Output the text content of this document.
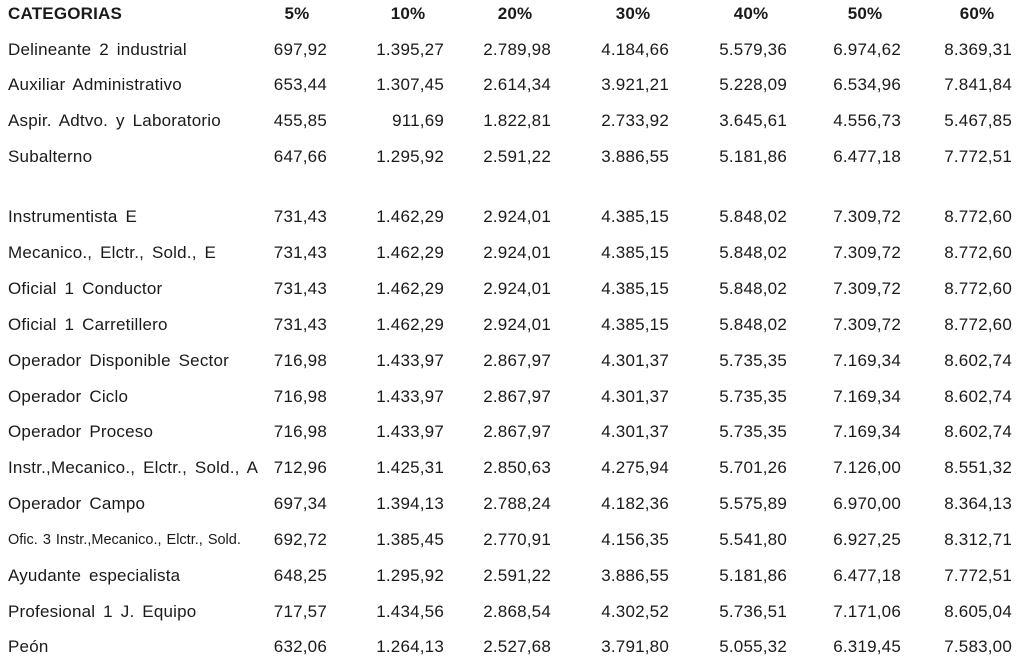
CATEGORIAS	5%	10%	20%	30%	40%	50%	60%
Delineante 2 industrial	697,92	1.395,27	2.789,98	4.184,66	5.579,36	6.974,62	8.369,31
Auxiliar Administrativo	653,44	1.307,45	2.614,34	3.921,21	5.228,09	6.534,96	7.841,84
Aspir. Adtvo. y Laboratorio	455,85	911,69	1.822,81	2.733,92	3.645,61	4.556,73	5.467,85
Subalterno	647,66	1.295,92	2.591,22	3.886,55	5.181,86	6.477,18	7.772,51
Instrumentista E	731,43	1.462,29	2.924,01	4.385,15	5.848,02	7.309,72	8.772,60
Mecanico., Elctr., Sold., E	731,43	1.462,29	2.924,01	4.385,15	5.848,02	7.309,72	8.772,60
Oficial 1 Conductor	731,43	1.462,29	2.924,01	4.385,15	5.848,02	7.309,72	8.772,60
Oficial 1 Carretillero	731,43	1.462,29	2.924,01	4.385,15	5.848,02	7.309,72	8.772,60
Operador Disponible Sector	716,98	1.433,97	2.867,97	4.301,37	5.735,35	7.169,34	8.602,74
Operador Ciclo	716,98	1.433,97	2.867,97	4.301,37	5.735,35	7.169,34	8.602,74
Operador Proceso	716,98	1.433,97	2.867,97	4.301,37	5.735,35	7.169,34	8.602,74
Instr.,Mecanico., Elctr., Sold., A 712,96	1.425,31	2.850,63	4.275,94	5.701,26	7.126,00	8.551,32
Operador Campo	697,34	1.394,13	2.788,24	4.182,36	5.575,89	6.970,00	8.364,13
Ofic. 3 Instr.,Mecanico., Elctr., Sold.	692,72	1.385,45	2.770,91	4.156,35	5.541,80	6.927,25	8.312,71
Ayudante especialista	648,25	1.295,92	2.591,22	3.886,55	5.181,86	6.477,18	7.772,51
Profesional 1 J. Equipo	717,57	1.434,56	2.868,54	4.302,52	5.736,51	7.171,06	8.605,04
Peón	632,06	1.264,13	2.527,68	3.791,80	5.055,32	6.319,45	7.583,00
